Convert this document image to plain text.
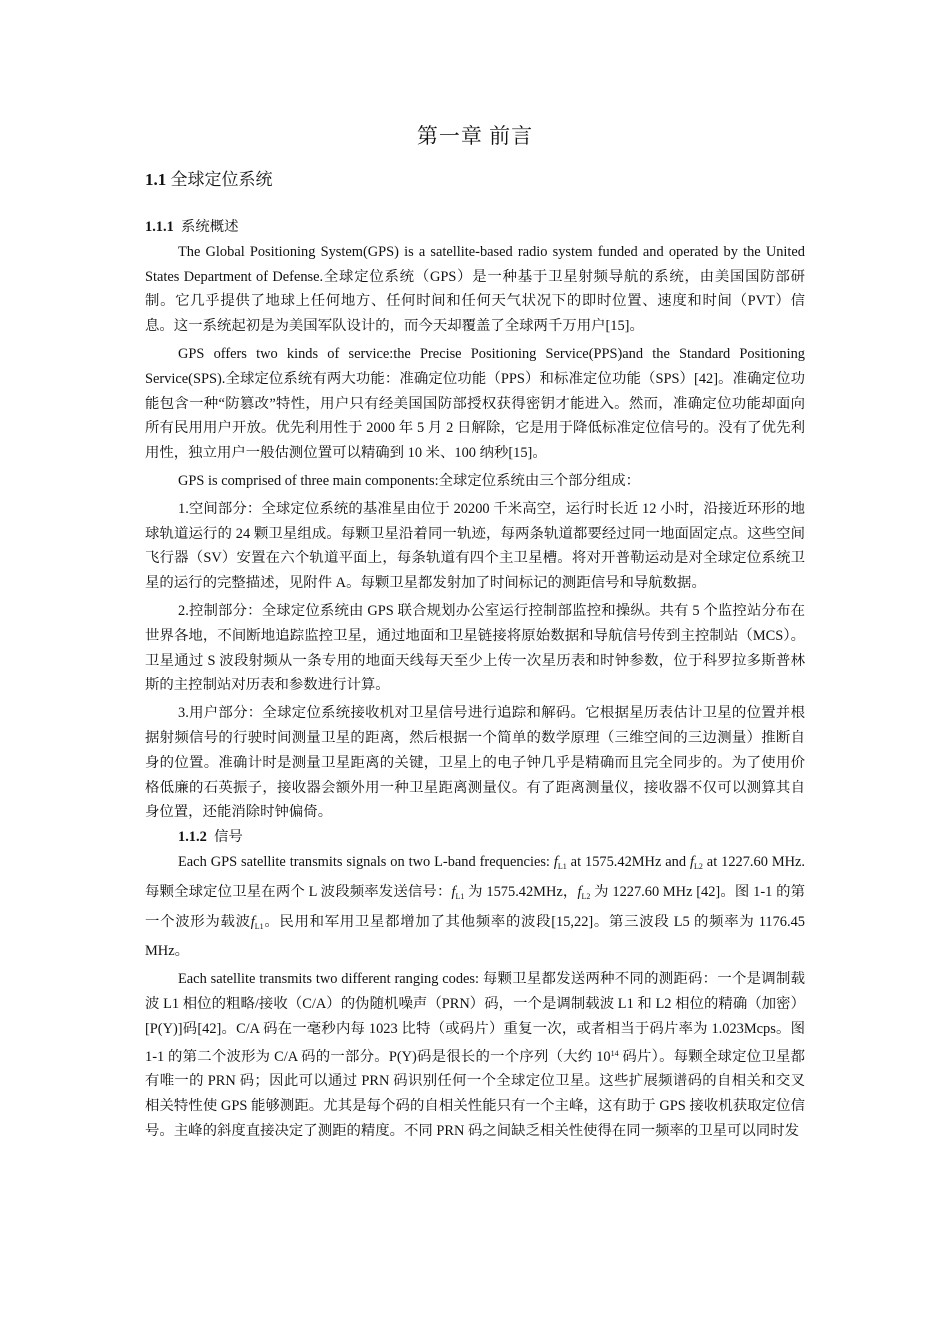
第一章 前言
1.1 全球定位系统

1.1.1 系统概述

The Global Positioning System(GPS) is a satellite-based radio system funded and operated by the United States Department of Defense.全球定位系统（GPS）是一种基于卫星射频导航的系统，由美国国防部研制。它几乎提供了地球上任何地方、任何时间和任何天气状况下的即时位置、速度和时间（PVT）信息。这一系统起初是为美国军队设计的，而今天却覆盖了全球两千万用户[15]。

GPS offers two kinds of service:the Precise Positioning Service(PPS)and the Standard Positioning Service(SPS).全球定位系统有两大功能：准确定位功能（PPS）和标准定位功能（SPS）[42]。准确定位功能包含一种“防篡改”特性，用户只有经美国国防部授权获得密钥才能进入。然而，准确定位功能却面向所有民用用户开放。优先利用性于 2000 年 5 月 2 日解除，它是用于降低标准定位信号的。没有了优先利用性，独立用户一般估测位置可以精确到 10 米、100 纳秒[15]。

GPS is comprised of three main components:全球定位系统由三个部分组成：

1.空间部分：全球定位系统的基准星由位于 20200 千米高空，运行时长近 12 小时，沿接近环形的地球轨道运行的 24 颗卫星组成。每颗卫星沿着同一轨迹，每两条轨道都要经过同一地面固定点。这些空间飞行器（SV）安置在六个轨道平面上，每条轨道有四个主卫星槽。将对开普勒运动是对全球定位系统卫星的运行的完整描述，见附件 A。每颗卫星都发射加了时间标记的测距信号和导航数据。

2.控制部分：全球定位系统由 GPS 联合规划办公室运行控制部监控和操纵。共有 5 个监控站分布在世界各地，不间断地追踪监控卫星，通过地面和卫星链接将原始数据和导航信号传到主控制站（MCS）。卫星通过 S 波段射频从一条专用的地面天线每天至少上传一次星历表和时钟参数，位于科罗拉多斯普林斯的主控制站对历表和参数进行计算。

3.用户部分：全球定位系统接收机对卫星信号进行追踪和解码。它根据星历表估计卫星的位置并根据射频信号的行驶时间测量卫星的距离，然后根据一个简单的数学原理（三维空间的三边测量）推断自身的位置。准确计时是测量卫星距离的关键，卫星上的电子钟几乎是精确而且完全同步的。为了使用价格低廉的石英振子，接收器会额外用一种卫星距离测量仪。有了距离测量仪，接收器不仅可以测算其自身位置，还能消除时钟偏倚。

1.1.2 信号

Each GPS satellite transmits signals on two L-band frequencies: $f_{L1}$ at 1575.42MHz and $f_{L2}$ at 1227.60 MHz. 每颗全球定位卫星在两个 L 波段频率发送信号：$f_{L1}$ 为 1575.42MHz，$f_{L2}$ 为 1227.60 MHz [42]。图 1-1 的第一个波形为载波$f_{L1}$。民用和军用卫星都增加了其他频率的波段[15,22]。第三波段 L5 的频率为 1176.45 MHz。

Each satellite transmits two different ranging codes: 每颗卫星都发送两种不同的测距码：一个是调制载波 L1 相位的粗略/接收（C/A）的伪随机噪声（PRN）码，一个是调制载波 L1 和 L2 相位的精确（加密）[P(Y)]码[42]。C/A 码在一毫秒内每 1023 比特（或码片）重复一次，或者相当于码片率为 1.023Mcps。图 1-1 的第二个波形为 C/A 码的一部分。P(Y)码是很长的一个序列（大约 $10^{14}$ 码片）。每颗全球定位卫星都有唯一的 PRN 码；因此可以通过 PRN 码识别任何一个全球定位卫星。这些扩展频谱码的自相关和交叉相关特性使 GPS 能够测距。尤其是每个码的自相关性能只有一个主峰，这有助于 GPS 接收机获取定位信号。主峰的斜度直接决定了测距的精度。不同 PRN 码之间缺乏相关性使得在同一频率的卫星可以同时发
